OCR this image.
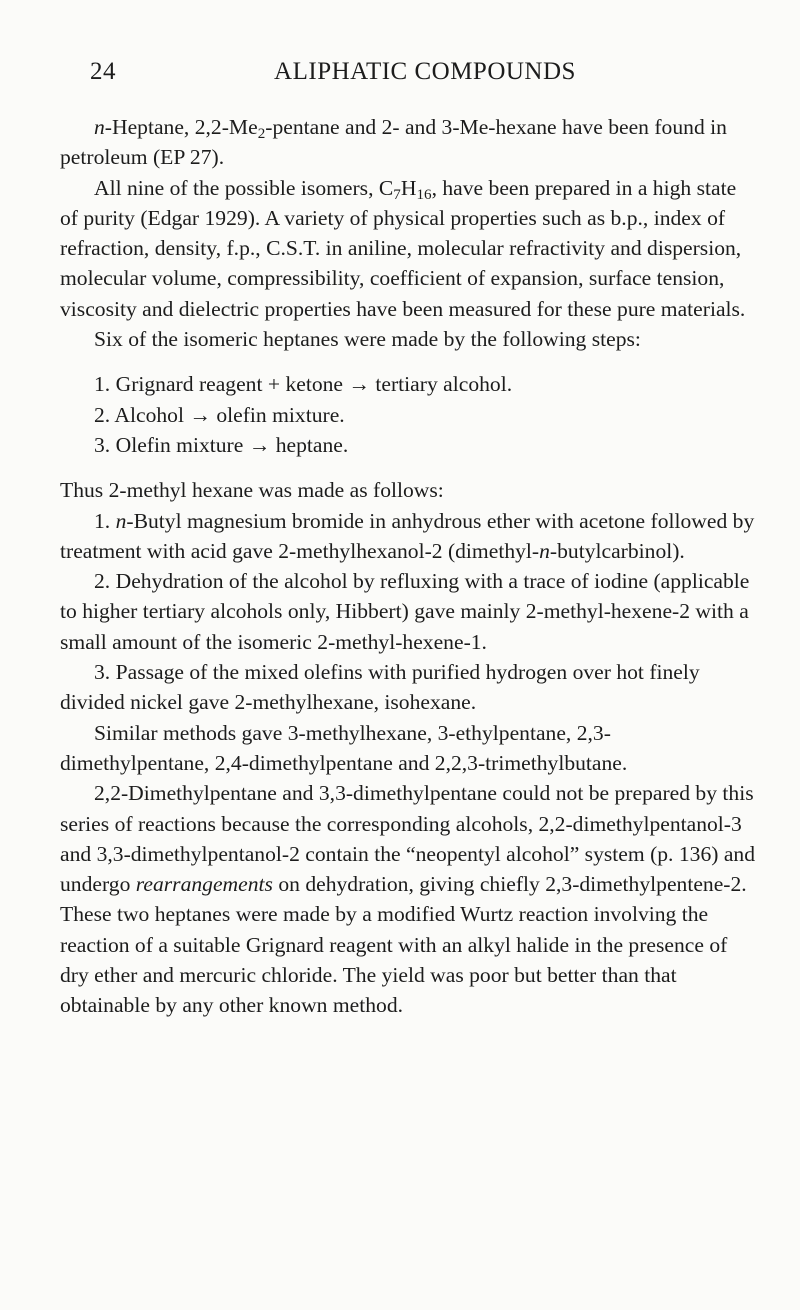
24	ALIPHATIC COMPOUNDS

n-Heptane, $2,2-Me_2$-pentane and 2- and 3-Me-hexane have been found in petroleum (EP 27).

All nine of the possible isomers, $C_7H_{16}$, have been prepared in a high state of purity (Edgar 1929). A variety of physical properties such as b.p., index of refraction, density, f.p., C.S.T. in aniline, molecular refractivity and dispersion, molecular volume, compressibility, coefficient of expansion, surface tension, viscosity and dielectric properties have been measured for these pure materials.

Six of the isomeric heptanes were made by the following steps:

1. Grignard reagent + ketone → tertiary alcohol.

2. Alcohol → olefin mixture.

3. Olefin mixture → heptane.

Thus 2-methyl hexane was made as follows:

1. n-Butyl magnesium bromide in anhydrous ether with acetone followed by treatment with acid gave 2-methylhexanol-2 (dimethyl-n-butylcarbinol).

2. Dehydration of the alcohol by refluxing with a trace of iodine (applicable to higher tertiary alcohols only, Hibbert) gave mainly 2-methyl-hexene-2 with a small amount of the isomeric 2-methyl-hexene-1.

3. Passage of the mixed olefins with purified hydrogen over hot finely divided nickel gave 2-methylhexane, isohexane.

Similar methods gave 3-methylhexane, 3-ethylpentane, 2,3-dimethylpentane, 2,4-dimethylpentane and 2,2,3-trimethylbutane.

2,2-Dimethylpentane and 3,3-dimethylpentane could not be prepared by this series of reactions because the corresponding alcohols, 2,2-dimethylpentanol-3 and 3,3-dimethylpentanol-2 contain the “neopentyl alcohol” system (p. 136) and undergo rearrangements on dehydration, giving chiefly 2,3-dimethylpentene-2. These two heptanes were made by a modified Wurtz reaction involving the reaction of a suitable Grignard reagent with an alkyl halide in the presence of dry ether and mercuric chloride. The yield was poor but better than that obtainable by any other known method.
